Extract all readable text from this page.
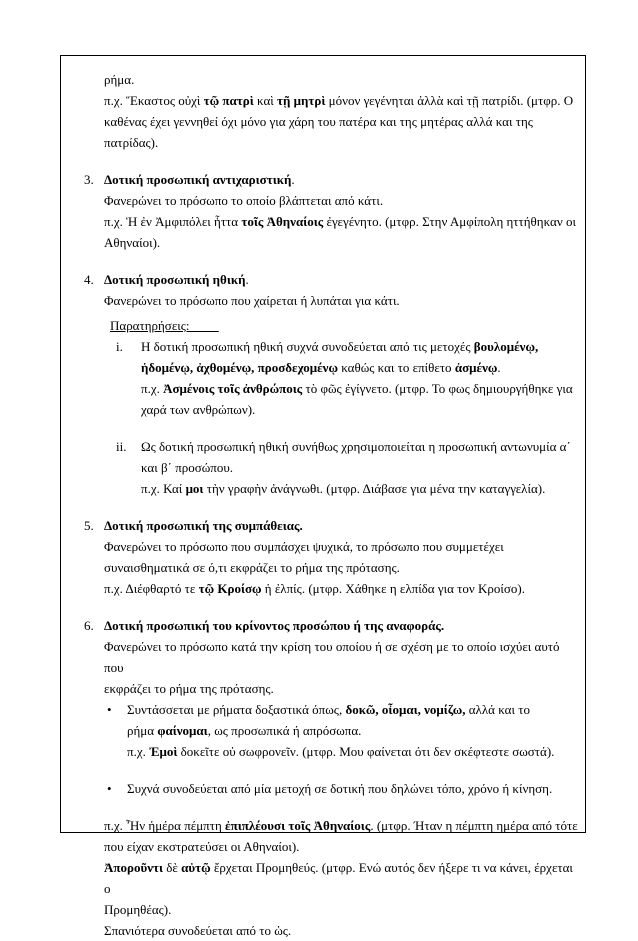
ρήμα.

π.χ. Ἕκαστος οὐχὶ τῷ πατρὶ καὶ τῇ μητρὶ μόνον γεγένηται ἀλλὰ καὶ τῇ πατρίδι. (μτφρ. Ο

καθένας έχει γεννηθεί όχι μόνο για χάρη του πατέρα και της μητέρας αλλά και της

πατρίδας).

3. Δοτική προσωπική αντιχαριστική.

Φανερώνει το πρόσωπο το οποίο βλάπτεται από κάτι.

π.χ. Ἡ ἐν Ἀμφιπόλει ἧττα τοῖς Ἀθηναίοις ἐγεγένητο. (μτφρ. Στην Αμφίπολη ηττήθηκαν οι

Αθηναίοι).

4. Δοτική προσωπική ηθική.

Φανερώνει το πρόσωπο που χαίρεται ή λυπάται για κάτι.

Παρατηρήσεις:

i. Η δοτική προσωπική ηθική συχνά συνοδεύεται από τις μετοχές βουλομένῳ,

ἡδομένῳ, ἀχθομένῳ, προσδεχομένῳ καθώς και το επίθετο ἀσμένῳ.

π.χ. Ἀσμένοις τοῖς ἀνθρώποις τὸ φῶς ἐγίγνετο. (μτφρ. Το φως δημιουργήθηκε για

χαρά των ανθρώπων).

ii. Ως δοτική προσωπική ηθική συνήθως χρησιμοποιείται η προσωπική αντωνυμία α΄

και β΄ προσώπου.

π.χ. Καί μοι τὴν γραφὴν ἀνάγνωθι. (μτφρ. Διάβασε για μένα την καταγγελία).

5. Δοτική προσωπική της συμπάθειας.

Φανερώνει το πρόσωπο που συμπάσχει ψυχικά, το πρόσωπο που συμμετέχει

συναισθηματικά σε ό,τι εκφράζει το ρήμα της πρότασης.

π.χ. Διέφθαρτό τε τῷ Κροίσῳ ἡ ἐλπίς. (μτφρ. Χάθηκε η ελπίδα για τον Κροίσο).

6. Δοτική προσωπική του κρίνοντος προσώπου ή της αναφοράς.

Φανερώνει το πρόσωπο κατά την κρίση του οποίου ή σε σχέση με το οποίο ισχύει αυτό που

εκφράζει το ρήμα της πρότασης.

• Συντάσσεται με ρήματα δοξαστικά όπως, δοκῶ, οἶομαι, νομίζω, αλλά και το

ρήμα φαίνομαι, ως προσωπικά ή απρόσωπα.

π.χ. Ἐμοὶ δοκεῖτε οὐ σωφρονεῖν. (μτφρ. Μου φαίνεται ότι δεν σκέφτεστε σωστά).

• Συχνά συνοδεύεται από μία μετοχή σε δοτική που δηλώνει τόπο, χρόνο ή κίνηση.

π.χ. Ἦν ἡμέρα πέμπτη ἐπιπλέουσι τοῖς Ἀθηναίοις. (μτφρ. Ήταν η πέμπτη ημέρα από τότε

που είχαν εκστρατεύσει οι Αθηναίοι).

Ἀποροῦντι δὲ αὐτῷ ἔρχεται Προμηθεύς. (μτφρ. Ενώ αυτός δεν ήξερε τι να κάνει, έρχεται ο

Προμηθέας).

Σπανιότερα συνοδεύεται από το ὡς.
